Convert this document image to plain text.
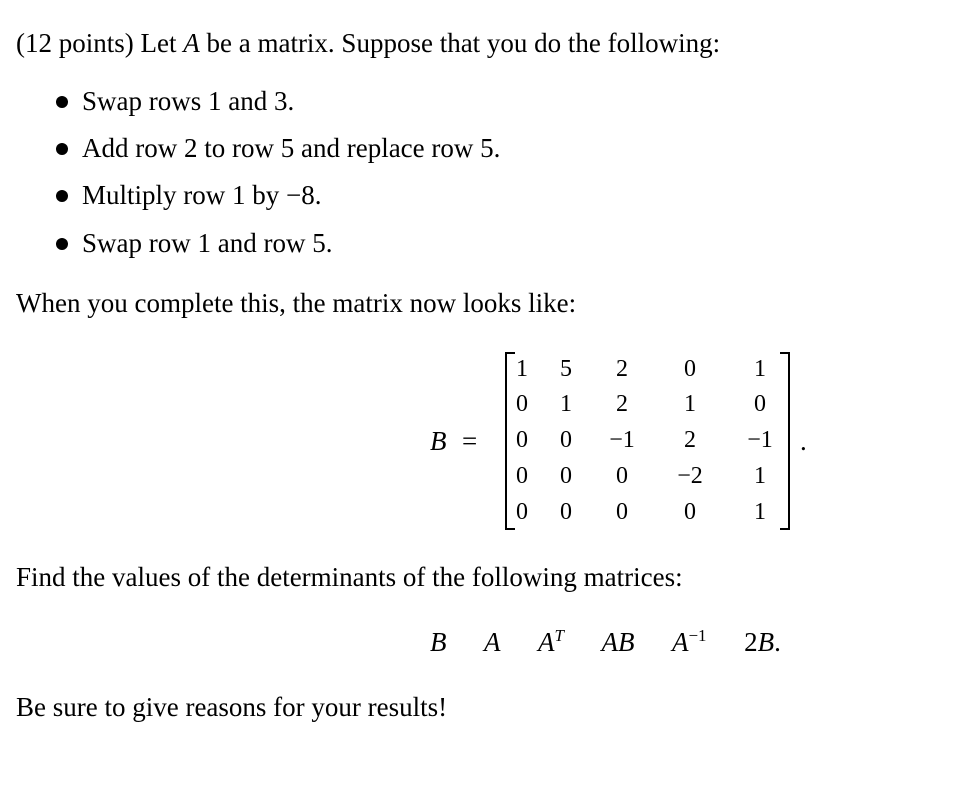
(12 points) Let A be a matrix. Suppose that you do the following:
Swap rows 1 and 3.
Add row 2 to row 5 and replace row 5.
Multiply row 1 by −8.
Swap row 1 and row 5.
When you complete this, the matrix now looks like:
B =
1	5	2	0	1
0	1	2	1	0
0	0	−1	2	−1
0	0	0	−2	1
0	0	0	0	1
.
Find the values of the determinants of the following matrices:
B A $A^T$ AB $A^{-1}$ 2B.
Be sure to give reasons for your results!
